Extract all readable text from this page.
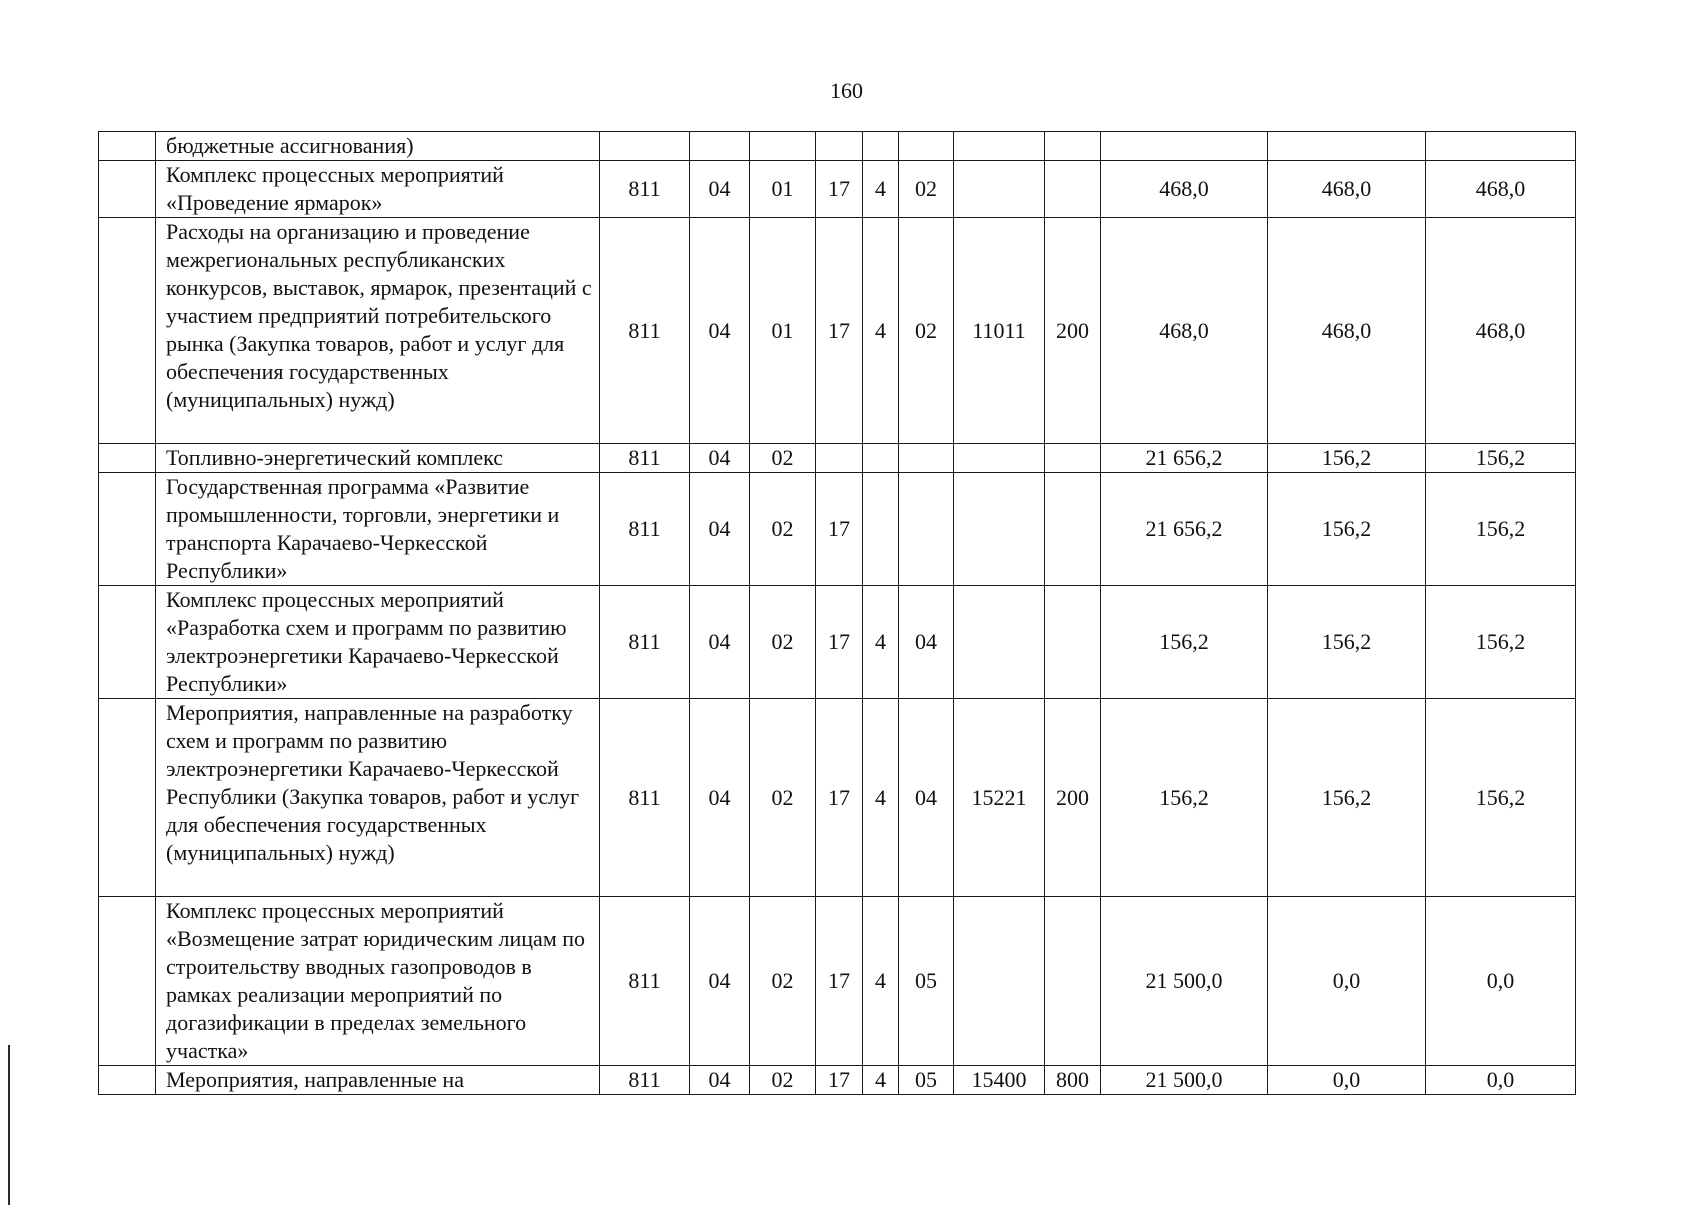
160
	бюджетные ассигнования)											
	Комплекс процессных мероприятий «Проведение ярмарок»	811	04	01	17	4	02			468,0	468,0	468,0
	Расходы на организацию и проведение межрегиональных республиканских конкурсов, выставок, ярмарок, презентаций с участием предприятий потребительского рынка (Закупка товаров, работ и услуг для обеспечения государственных (муниципальных) нужд)	811	04	01	17	4	02	11011	200	468,0	468,0	468,0
	Топливно-энергетический комплекс	811	04	02						21 656,2	156,2	156,2
	Государственная программа «Развитие промышленности, торговли, энергетики и транспорта Карачаево-Черкесской Республики»	811	04	02	17					21 656,2	156,2	156,2
	Комплекс процессных мероприятий «Разработка схем и программ по развитию электроэнергетики Карачаево-Черкесской Республики»	811	04	02	17	4	04			156,2	156,2	156,2
	Мероприятия, направленные на разработку схем и программ по развитию электроэнергетики Карачаево-Черкесской Республики (Закупка товаров, работ и услуг для обеспечения государственных (муниципальных) нужд)	811	04	02	17	4	04	15221	200	156,2	156,2	156,2
	Комплекс процессных мероприятий «Возмещение затрат юридическим лицам по строительству вводных газопроводов в рамках реализации мероприятий по догазификации в пределах земельного участка»	811	04	02	17	4	05			21 500,0	0,0	0,0
	Мероприятия, направленные на	811	04	02	17	4	05	15400	800	21 500,0	0,0	0,0
